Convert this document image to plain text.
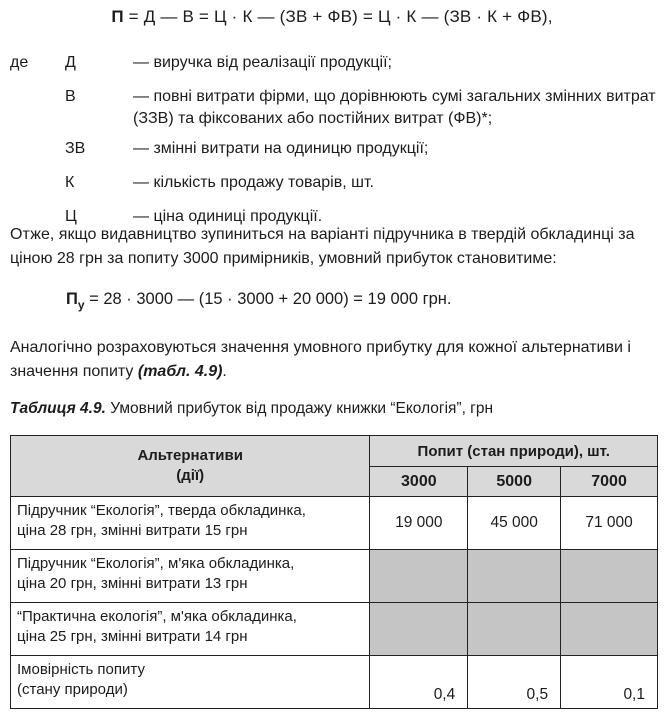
П = Д — В = Ц · К — (ЗВ + ФВ) = Ц · К — (ЗВ · К + ФВ),
де	Д	— виручка від реалізації продукції;
В	— повні витрати фірми, що дорівнюють сумі загальних змінних витрат (ЗЗВ) та фіксованих або постійних витрат (ФВ)*;
ЗВ	— змінні витрати на одиницю продукції;
К	— кількість продажу товарів, шт.
Ц	— ціна одиниці продукції.
Отже, якщо видавництво зупиниться на варіанті підручника в твердій обкладинці за ціною 28 грн за попиту 3000 примірників, умовний прибуток становитиме:
$П_у = 28 \cdot 3000$ — (15 · 3000 + 20 000) = 19 000 грн.
Аналогічно розраховуються значення умовного прибутку для кожної альтернативи і значення попиту (табл. 4.9).
Таблиця 4.9. Умовний прибуток від продажу книжки “Екологія”, грн
Альтернативи
(дії)	Попит (стан природи), шт.		
	3000	5000	7000

Підручник “Екологія”, тверда обкладинка,
ціна 28 грн, змінні витрати 15 грн	19 000	45 000	71 000

Підручник “Екологія”, м'яка обкладинка,
ціна 20 грн, змінні витрати 13 грн			

“Практична екологія”, м'яка обкладинка,
ціна 25 грн, змінні витрати 14 грн			

Імовірність попиту
(стану природи)	0,4	0,5	0,1
